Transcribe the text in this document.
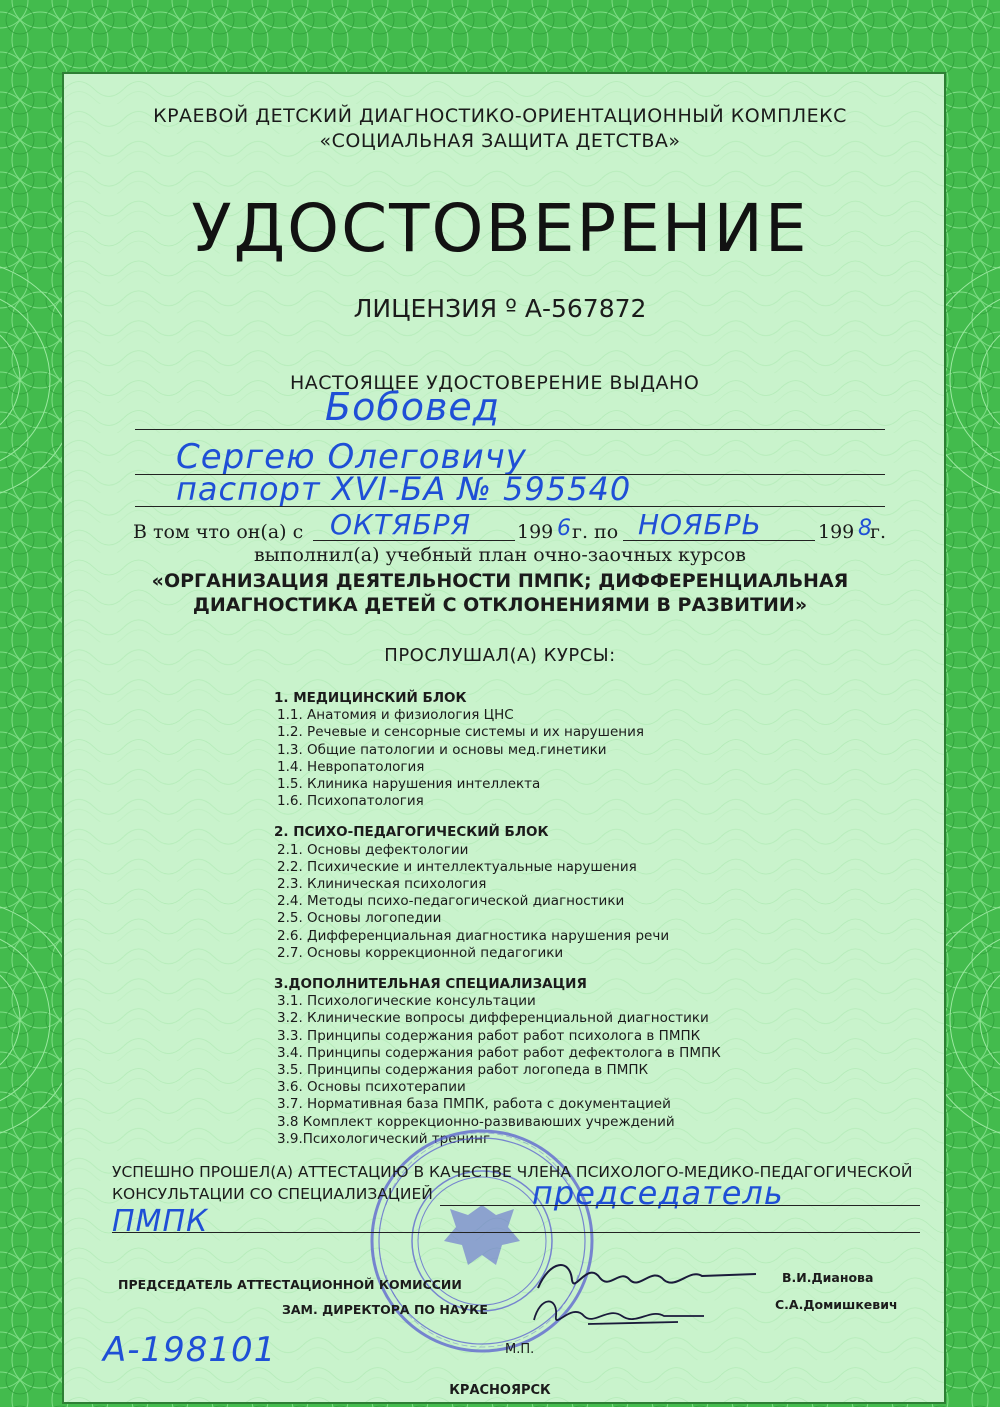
КРАЕВОЙ ДЕТСКИЙ ДИАГНОСТИКО-ОРИЕНТАЦИОННЫЙ КОМПЛЕКС
«СОЦИАЛЬНАЯ ЗАЩИТА ДЕТСТВА»
УДОСТОВЕРЕНИЕ
ЛИЦЕНЗИЯ º А-567872
НАСТОЯЩЕЕ УДОСТОВЕРЕНИЕ ВЫДАНО
Бобовед
Сергею Олеговичу
паспорт XVI-БА № 595540
В том что он(а) с ОКТЯБРЯ 199 6 г. по НОЯБРЬ	199 8
г.
выполнил(а) учебный план очно-заочных курсов
«ОРГАНИЗАЦИЯ ДЕЯТЕЛЬНОСТИ ПМПК; ДИФФЕРЕНЦИАЛЬНАЯ
ДИАГНОСТИКА ДЕТЕЙ С ОТКЛОНЕНИЯМИ В РАЗВИТИИ»
ПРОСЛУШАЛ(А) КУРСЫ:
1. МЕДИЦИНСКИЙ БЛОК
1.1. Анатомия и физиология ЦНС
1.2. Речевые и сенсорные системы и их нарушения
1.3. Общие патологии и основы мед.гинетики
1.4. Невропатология
1.5. Клиника нарушения интеллекта
1.6. Психопатология
2. ПСИХО-ПЕДАГОГИЧЕСКИЙ БЛОК
2.1. Основы дефектологии
2.2. Психические и интеллектуальные нарушения
2.3. Клиническая психология
2.4. Методы психо-педагогической диагностики
2.5. Основы логопедии
2.6. Дифференциальная диагностика нарушения речи
2.7. Основы коррекционной педагогики
3.ДОПОЛНИТЕЛЬНАЯ СПЕЦИАЛИЗАЦИЯ
3.1. Психологические консультации
3.2. Клинические вопросы дифференциальной диагностики
3.3. Принципы содержания работ работ психолога в ПМПК
3.4. Принципы содержания работ работ дефектолога в ПМПК
3.5. Принципы содержания работ логопеда в ПМПК
3.6. Основы психотерапии
3.7. Нормативная база ПМПК, работа с документацией
3.8 Комплект коррекционно-развиваюших учреждений
3.9.Психологический тренинг
УСПЕШНО ПРОШЕЛ(А) АТТЕСТАЦИЮ В КАЧЕСТВЕ ЧЛЕНА ПСИХОЛОГО-МЕДИКО-ПЕДАГОГИЧЕСКОЙ
КОНСУЛЬТАЦИИ СО СПЕЦИАЛИЗАЦИЕЙ	председатель
ПМПК
ПРЕДСЕДАТЕЛЬ АТТЕСТАЦИОННОЙ КОМИССИИ	В.И.Дианова
ЗАМ. ДИРЕКТОРА ПО НАУКЕ	С.А.Домишкевич
М.П.
А-198101
КРАСНОЯРСК
